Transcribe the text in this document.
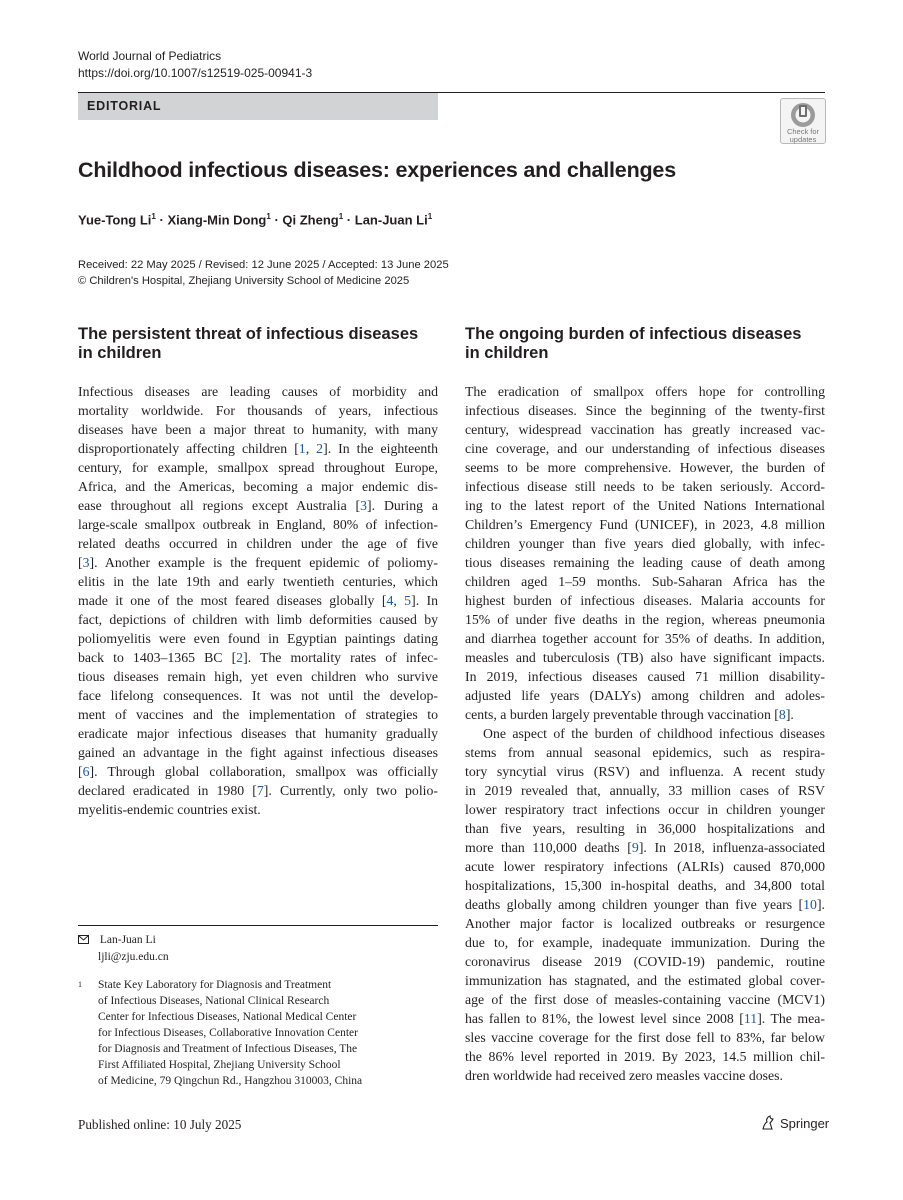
World Journal of Pediatrics
https://doi.org/10.1007/s12519-025-00941-3
EDITORIAL
Check for
updates
Childhood infectious diseases: experiences and challenges
Yue-Tong $Li^1$ · Xiang-Min Dong$^1$ · Qi Zheng$^1$ · Lan-Juan Li$^1$
Received: 22 May 2025 / Revised: 12 June 2025 / Accepted: 13 June 2025
© Children's Hospital, Zhejiang University School of Medicine 2025
The persistent threat of infectious diseases
in children
The ongoing burden of infectious diseases
in children
Infectious diseases are leading causes of morbidity and
mortality worldwide. For thousands of years, infectious
diseases have been a major threat to humanity, with many
disproportionately affecting children [1, 2]. In the eighteenth
century, for example, smallpox spread throughout Europe,
Africa, and the Americas, becoming a major endemic dis-
ease throughout all regions except Australia [3]. During a
large-scale smallpox outbreak in England, 80% of infection-
related deaths occurred in children under the age of five
[3]. Another example is the frequent epidemic of poliomy-
elitis in the late 19th and early twentieth centuries, which
made it one of the most feared diseases globally [4, 5]. In
fact, depictions of children with limb deformities caused by
poliomyelitis were even found in Egyptian paintings dating
back to 1403–1365 BC [2]. The mortality rates of infec-
tious diseases remain high, yet even children who survive
face lifelong consequences. It was not until the develop-
ment of vaccines and the implementation of strategies to
eradicate major infectious diseases that humanity gradually
gained an advantage in the fight against infectious diseases
[6]. Through global collaboration, smallpox was officially
declared eradicated in 1980 [7]. Currently, only two polio-
myelitis-endemic countries exist.
The eradication of smallpox offers hope for controlling
infectious diseases. Since the beginning of the twenty-first
century, widespread vaccination has greatly increased vac-
cine coverage, and our understanding of infectious diseases
seems to be more comprehensive. However, the burden of
infectious disease still needs to be taken seriously. Accord-
ing to the latest report of the United Nations International
Children’s Emergency Fund (UNICEF), in 2023, 4.8 million
children younger than five years died globally, with infec-
tious diseases remaining the leading cause of death among
children aged 1–59 months. Sub-Saharan Africa has the
highest burden of infectious diseases. Malaria accounts for
15% of under five deaths in the region, whereas pneumonia
and diarrhea together account for 35% of deaths. In addition,
measles and tuberculosis (TB) also have significant impacts.
In 2019, infectious diseases caused 71 million disability-
adjusted life years (DALYs) among children and adoles-
cents, a burden largely preventable through vaccination [8].
One aspect of the burden of childhood infectious diseases
stems from annual seasonal epidemics, such as respira-
tory syncytial virus (RSV) and influenza. A recent study
in 2019 revealed that, annually, 33 million cases of RSV
lower respiratory tract infections occur in children younger
than five years, resulting in 36,000 hospitalizations and
more than 110,000 deaths [9]. In 2018, influenza-associated
acute lower respiratory infections (ALRIs) caused 870,000
hospitalizations, 15,300 in-hospital deaths, and 34,800 total
deaths globally among children younger than five years [10].
Another major factor is localized outbreaks or resurgence
due to, for example, inadequate immunization. During the
coronavirus disease 2019 (COVID-19) pandemic, routine
immunization has stagnated, and the estimated global cover-
age of the first dose of measles-containing vaccine (MCV1)
has fallen to 81%, the lowest level since 2008 [11]. The mea-
sles vaccine coverage for the first dose fell to 83%, far below
the 86% level reported in 2019. By 2023, 14.5 million chil-
dren worldwide had received zero measles vaccine doses.
Lan-Juan Li
ljli@zju.edu.cn
1 State Key Laboratory for Diagnosis and Treatment
of Infectious Diseases, National Clinical Research
Center for Infectious Diseases, National Medical Center
for Infectious Diseases, Collaborative Innovation Center
for Diagnosis and Treatment of Infectious Diseases, The
First Affiliated Hospital, Zhejiang University School
of Medicine, 79 Qingchun Rd., Hangzhou 310003, China
Published online: 10 July 2025	Springer
